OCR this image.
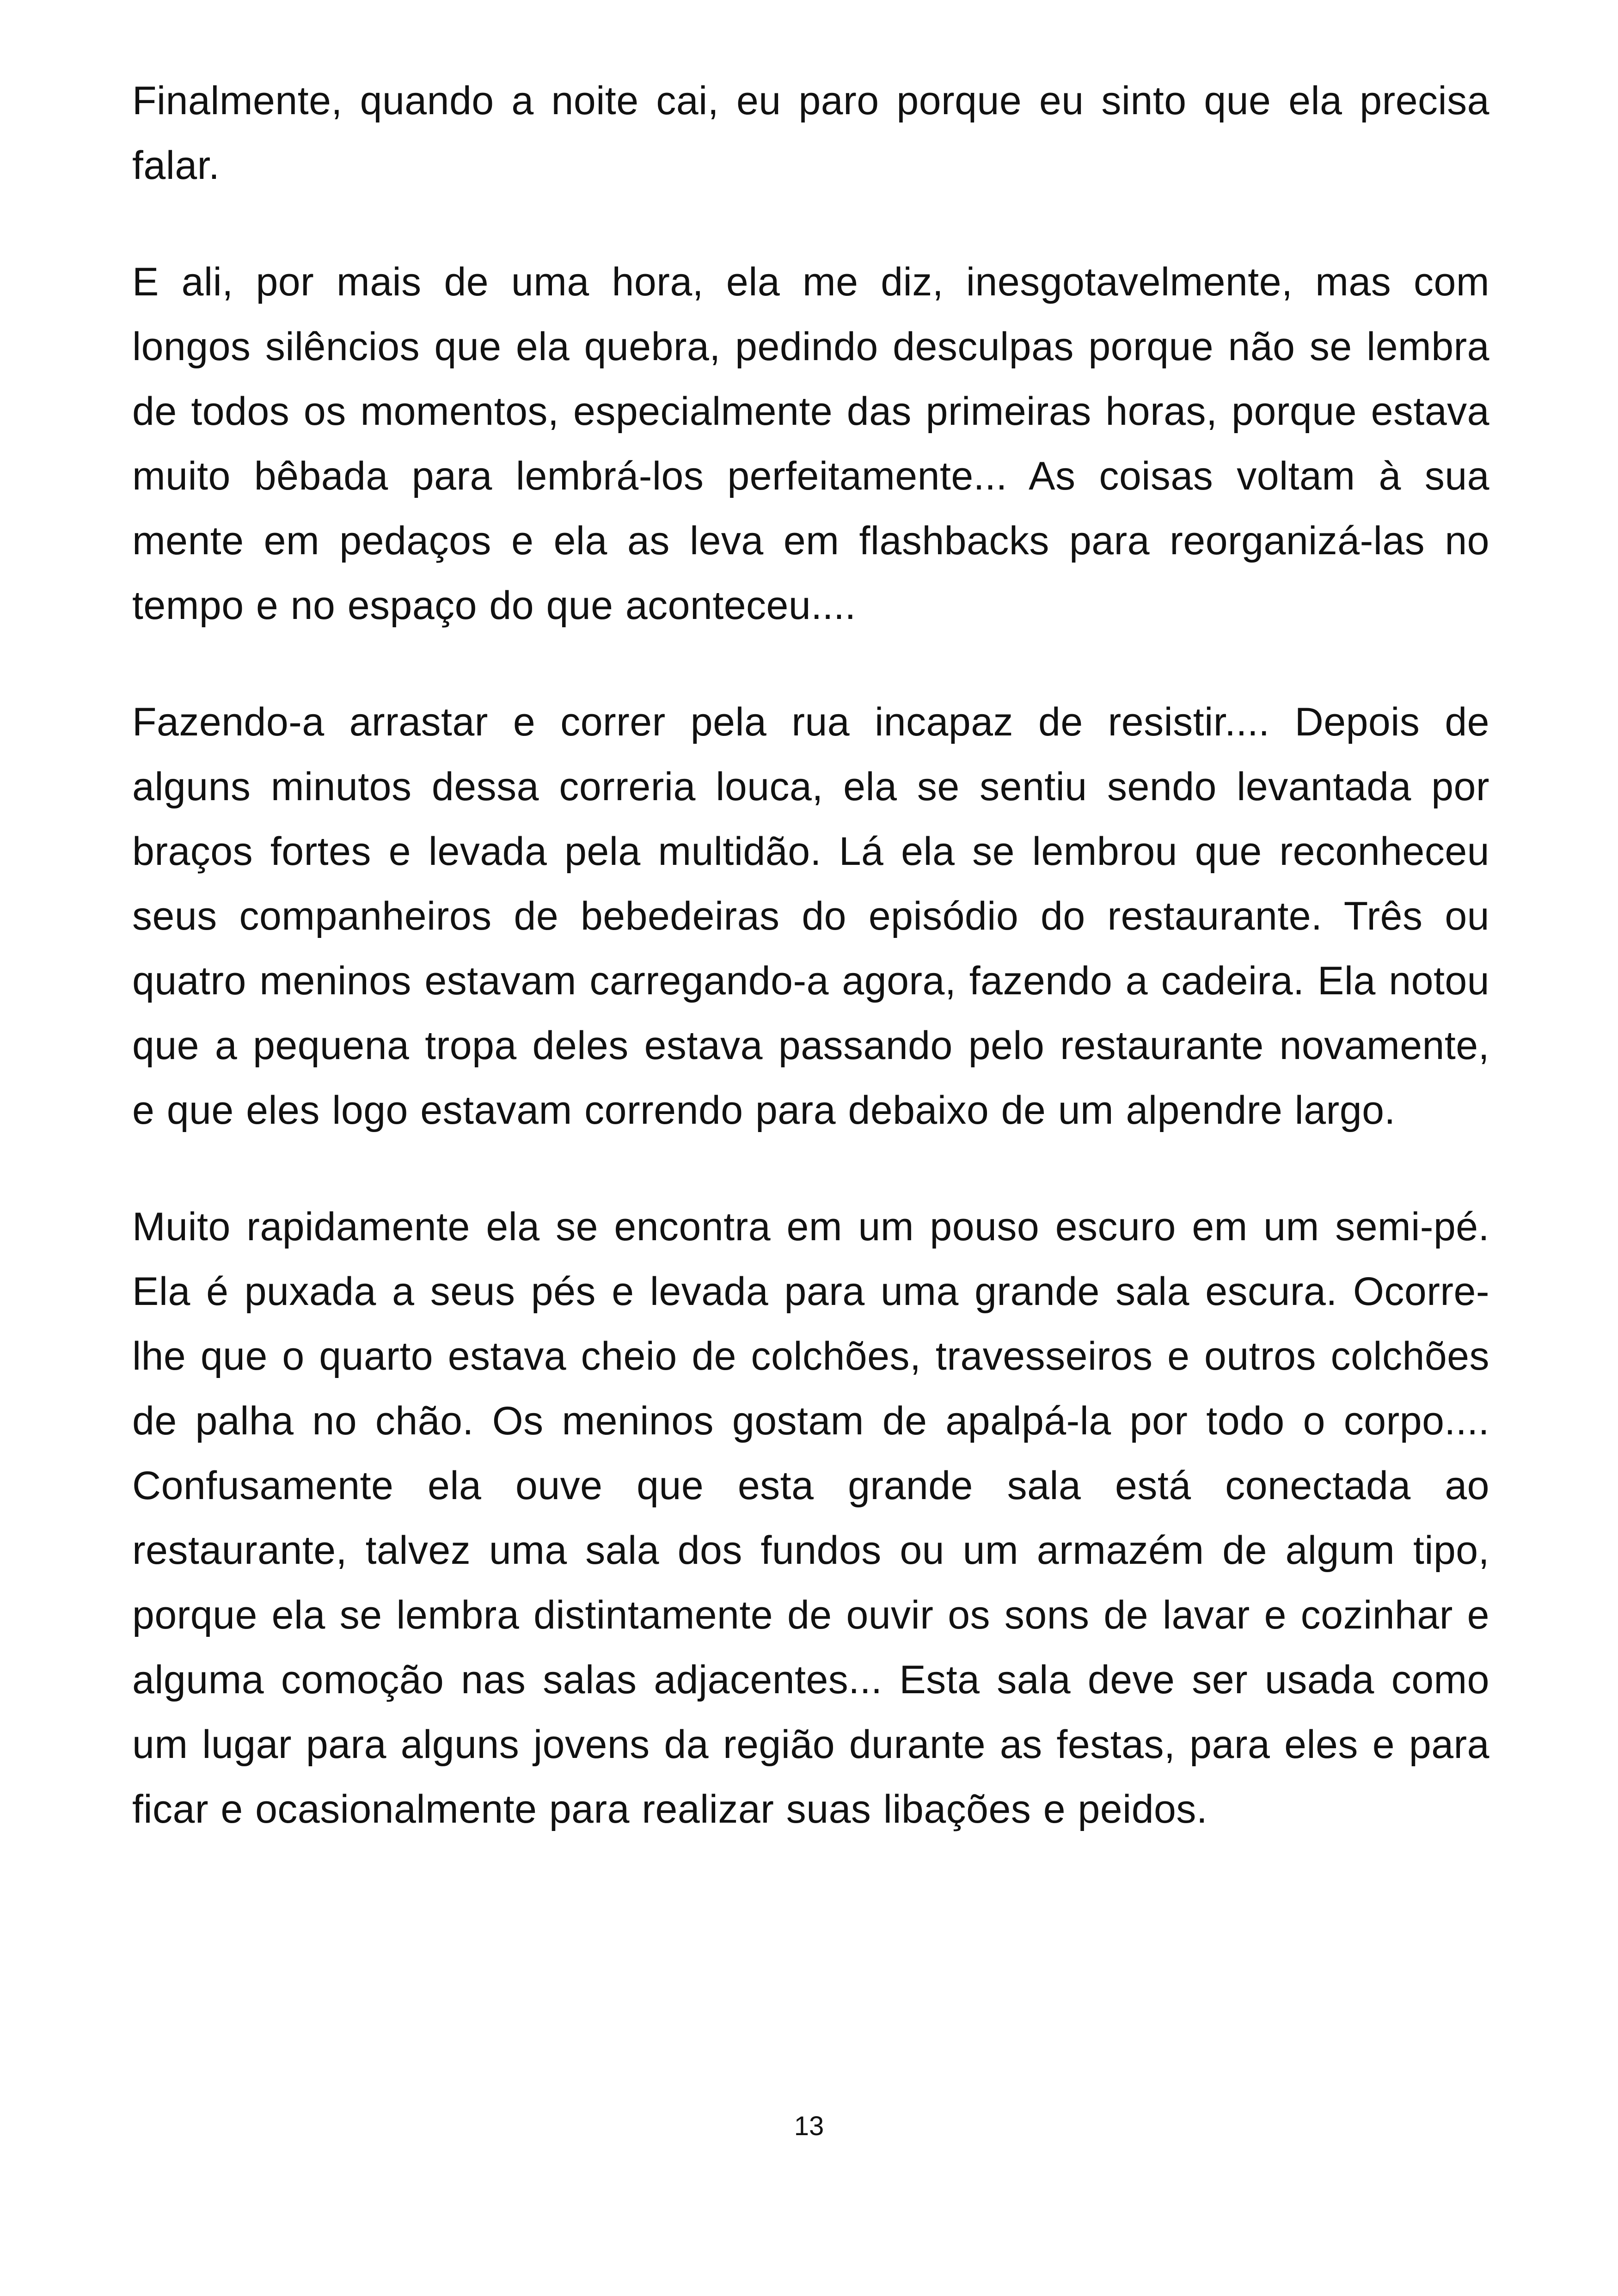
Finalmente, quando a noite cai, eu paro porque eu sinto que ela precisa falar.

E ali, por mais de uma hora, ela me diz, inesgotavelmente, mas com longos silêncios que ela quebra, pedindo desculpas porque não se lembra de todos os momentos, especialmente das primeiras horas, porque estava muito bêbada para lembrá-los perfeitamente... As coisas voltam à sua mente em pedaços e ela as leva em flashbacks para reorganizá-las no tempo e no espaço do que aconteceu....

Fazendo-a arrastar e correr pela rua incapaz de resistir.... Depois de alguns minutos dessa correria louca, ela se sentiu sendo levantada por braços fortes e levada pela multidão. Lá ela se lembrou que reconheceu seus companheiros de bebedeiras do episódio do restaurante. Três ou quatro meninos estavam carregando-a agora, fazendo a cadeira. Ela notou que a pequena tropa deles estava passando pelo restaurante novamente, e que eles logo estavam correndo para debaixo de um alpendre largo.

Muito rapidamente ela se encontra em um pouso escuro em um semi-pé. Ela é puxada a seus pés e levada para uma grande sala escura. Ocorre-lhe que o quarto estava cheio de colchões, travesseiros e outros colchões de palha no chão. Os meninos gostam de apalpá-la por todo o corpo.... Confusamente ela ouve que esta grande sala está conectada ao restaurante, talvez uma sala dos fundos ou um armazém de algum tipo, porque ela se lembra distintamente de ouvir os sons de lavar e cozinhar e alguma comoção nas salas adjacentes... Esta sala deve ser usada como um lugar para alguns jovens da região durante as festas, para eles e para ficar e ocasionalmente para realizar suas libações e peidos.

13
